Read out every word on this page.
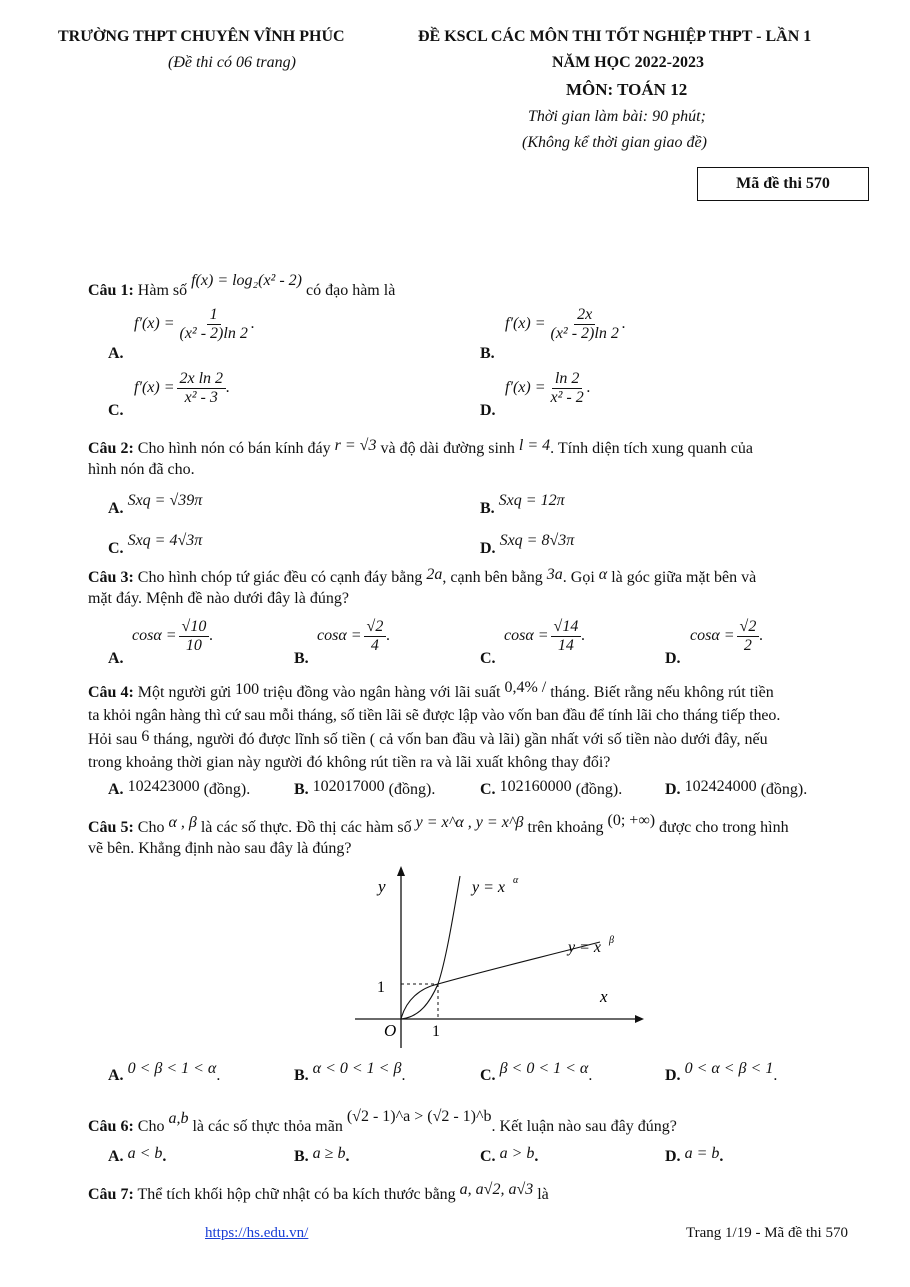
TRƯỜNG THPT CHUYÊN VĨNH PHÚC
(Đề thi có 06 trang)
ĐỀ KSCL CÁC MÔN THI TỐT NGHIỆP THPT - LẦN 1
NĂM HỌC 2022-2023
MÔN: TOÁN 12
Thời gian làm bài: 90 phút;
(Không kể thời gian giao đề)
Mã đề thi 570
Câu 1: Hàm số f(x) = log₂(x² - 2) có đạo hàm là
A.
$f'(x) = \frac{1}{\text{(x² - 2)ln 2}}$ .
B.
$f'(x) = \frac{2x}{\text{(x² - 2)ln 2}}$ .
C.
$f'(x) = \frac{\text{2x ln 2}}{\text{x² - 3}}$ .
D.
$f'(x) = \frac{\ln 2}{\text{x² - 2}}$ .
Câu 2: Cho hình nón có bán kính đáy r = √3 và độ dài đường sinh l = 4. Tính diện tích xung quanh của
hình nón đã cho.
A. Sxq = √39π	B. Sxq = 12π
C. Sxq = 4√3π	D. Sxq = 8√3π
Câu 3: Cho hình chóp tứ giác đều có cạnh đáy bằng 2a, cạnh bên bằng 3a. Gọi α là góc giữa mặt bên và
mặt đáy. Mệnh đề nào dưới đây là đúng?
A.
$\cos\alpha = \frac{√10}{10}$ .
B.
$\cos\alpha = \frac{√2}{4}$ .
C.
$\cos\alpha = \frac{√14}{14}$ .
D.
$\cos\alpha = \frac{√2}{2}$ .
Câu 4: Một người gửi 100 triệu đồng vào ngân hàng với lãi suất 0,4% / tháng. Biết rằng nếu không rút tiền
ta khỏi ngân hàng thì cứ sau mỗi tháng, số tiền lãi sẽ được lập vào vốn ban đầu để tính lãi cho tháng tiếp theo.
Hỏi sau 6 tháng, người đó được lĩnh số tiền ( cả vốn ban đầu và lãi) gần nhất với số tiền nào dưới đây, nếu
trong khoảng thời gian này người đó không rút tiền ra và lãi xuất không thay đổi?
A. 102423000 (đồng).	B. 102017000 (đồng).	C. 102160000 (đồng).	D. 102424000 (đồng).
Câu 5: Cho α , β là các số thực. Đồ thị các hàm số y = x^α , y = x^β trên khoảng (0; +∞) được cho trong hình
vẽ bên. Khẳng định nào sau đây là đúng?
y
x
O 1
1
y = x α
y = x β
A. 0 < β < 1 < α.	B. α < 0 < 1 < β.	C. β < 0 < 1 < α.	D. 0 < α < β < 1.
Câu 6: Cho a,b là các số thực thỏa mãn (√2 - 1)^a > (√2 - 1)^b. Kết luận nào sau đây đúng?
A. a < b.	B. a ≥ b.	C. a > b.	D. a = b.
Câu 7: Thể tích khối hộp chữ nhật có ba kích thước bằng a, a√2, a√3 là
https://hs.edu.vn/	Trang 1/19 - Mã đề thi 570
